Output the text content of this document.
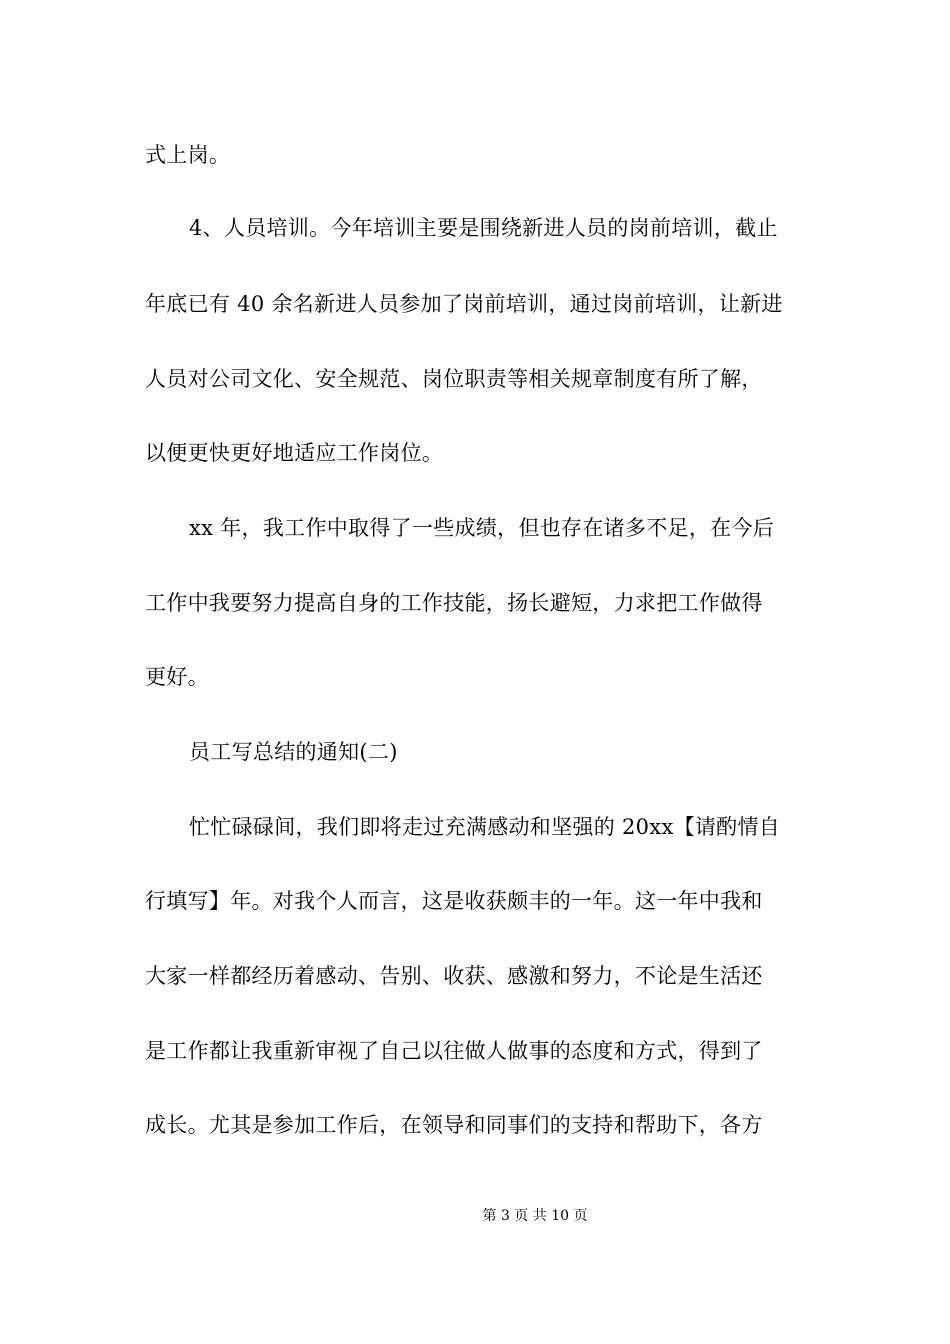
式上岗。
4、人员培训。今年培训主要是围绕新进人员的岗前培训，截止
年底已有 40 余名新进人员参加了岗前培训，通过岗前培训，让新进
人员对公司文化、安全规范、岗位职责等相关规章制度有所了解，
以便更快更好地适应工作岗位。
xx 年，我工作中取得了一些成绩，但也存在诸多不足，在今后
工作中我要努力提高自身的工作技能，扬长避短，力求把工作做得
更好。
员工写总结的通知(二)
忙忙碌碌间，我们即将走过充满感动和坚强的 20xx【请酌情自
行填写】年。对我个人而言，这是收获颇丰的一年。这一年中我和
大家一样都经历着感动、告别、收获、感激和努力，不论是生活还
是工作都让我重新审视了自己以往做人做事的态度和方式，得到了
成长。尤其是参加工作后，在领导和同事们的支持和帮助下，各方
第 3 页 共 10 页
